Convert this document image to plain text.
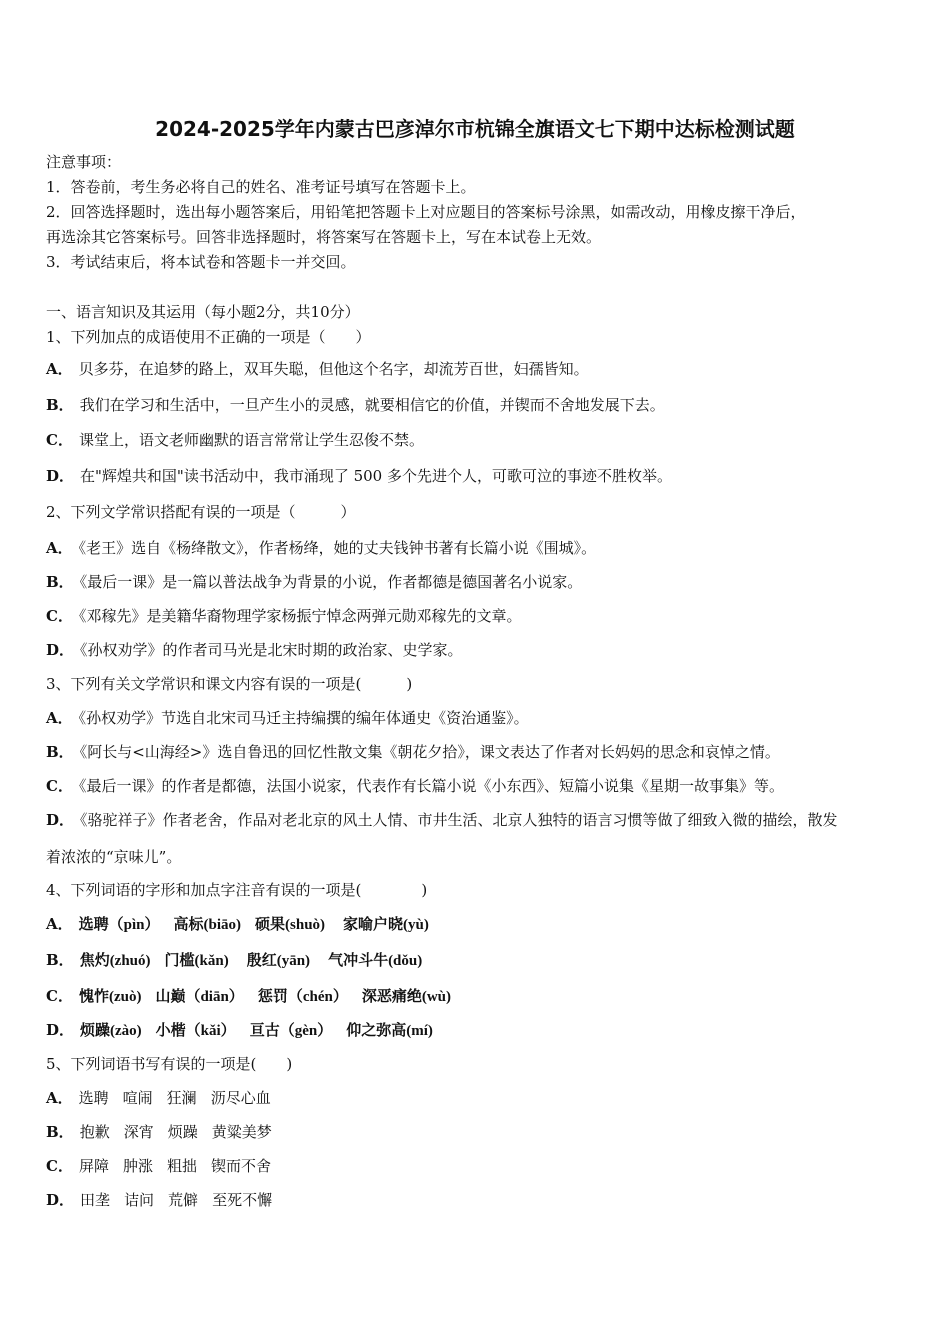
2024-2025学年内蒙古巴彦淖尔市杭锦全旗语文七下期中达标检测试题
注意事项：
1．答卷前，考生务必将自己的姓名、准考证号填写在答题卡上。
2．回答选择题时，选出每小题答案后，用铅笔把答题卡上对应题目的答案标号涂黑，如需改动，用橡皮擦干净后，
再选涂其它答案标号。回答非选择题时，将答案写在答题卡上，写在本试卷上无效。
3．考试结束后，将本试卷和答题卡一并交回。
一、语言知识及其运用（每小题2分，共10分）
1、下列加点的成语使用不正确的一项是（　　）
A． 贝多芬，在追梦的路上，双耳失聪，但他这个名字，却流芳百世，妇孺皆知。
B． 我们在学习和生活中，一旦产生小的灵感，就要相信它的价值，并锲而不舍地发展下去。
C． 课堂上，语文老师幽默的语言常常让学生忍俊不禁。
D． 在"辉煌共和国"读书活动中，我市涌现了 500 多个先进个人，可歌可泣的事迹不胜枚举。
2、下列文学常识搭配有误的一项是（　　　）
A． 《老王》选自《杨绛散文》，作者杨绛，她的丈夫钱钟书著有长篇小说《围城》。
B． 《最后一课》是一篇以普法战争为背景的小说，作者都德是德国著名小说家。
C． 《邓稼先》是美籍华裔物理学家杨振宁悼念两弹元勋邓稼先的文章。
D． 《孙权劝学》的作者司马光是北宋时期的政治家、史学家。
3、下列有关文学常识和课文内容有误的一项是(　　　)
A． 《孙权劝学》节选自北宋司马迁主持编撰的编年体通史《资治通鉴》。
B． 《阿长与<山海经>》选自鲁迅的回忆性散文集《朝花夕拾》，课文表达了作者对长妈妈的思念和哀悼之情。
C． 《最后一课》的作者是都德，法国小说家，代表作有长篇小说《小东西》、短篇小说集《星期一故事集》等。
D． 《骆驼祥子》作者老舍，作品对老北京的风土人情、市井生活、北京人独特的语言习惯等做了细致入微的描绘，散发
着浓浓的“京味儿”。
4、下列词语的字形和加点字注音有误的一项是(　　　　)
A． 选聘（pìn） 高标(biāo) 硕果(shuò) 家喻户晓(yù)
B． 焦灼(zhuó) 门槛(kǎn) 殷红(yān) 气冲斗牛(dǒu)
C． 愧怍(zuò) 山巅（diān） 惩罚（chén） 深恶痛绝(wù)
D． 烦躁(zào) 小楷（kǎi） 亘古（gèn） 仰之弥高(mí)
5、下列词语书写有误的一项是(　　)
A． 选聘 喧闹 狂澜 沥尽心血
B． 抱歉 深宵 烦躁 黄粱美梦
C． 屏障 肿涨 粗拙 锲而不舍
D． 田垄 诘问 荒僻 至死不懈
